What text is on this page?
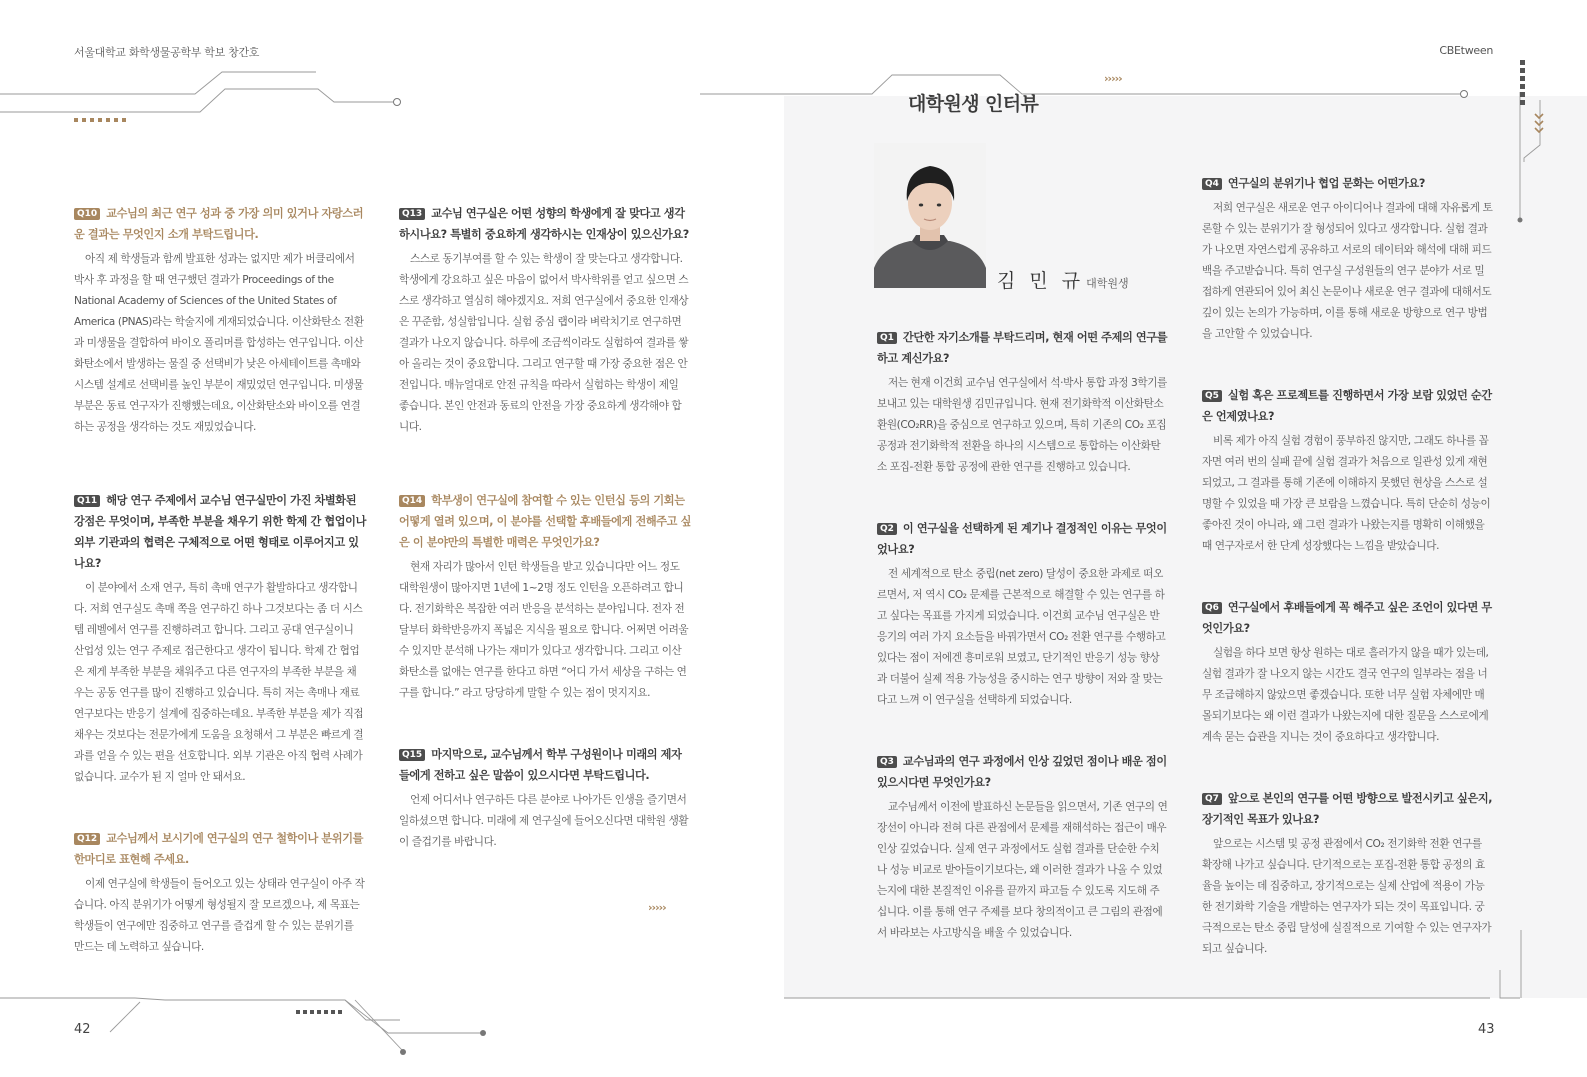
서울대학교 화학생물공학부 학보 창간호	CBEtween
›››››
›››››
대학원생 인터뷰
김 민 규 대학원생
Q10 교수님의 최근 연구 성과 중 가장 의미 있거나 자랑스러운 결과는 무엇인지 소개 부탁드립니다.
아직 제 학생들과 함께 발표한 성과는 없지만 제가 버클리에서 박사 후 과정을 할 때 연구했던 결과가 Proceedings of the National Academy of Sciences of the United States of America (PNAS)라는 학술지에 게재되었습니다. 이산화탄소 전환과 미생물을 결합하여 바이오 폴리머를 합성하는 연구입니다. 이산화탄소에서 발생하는 물질 중 선택비가 낮은 아세테이트를 촉매와 시스템 설계로 선택비를 높인 부분이 재밌었던 연구입니다. 미생물 부분은 동료 연구자가 진행했는데요, 이산화탄소와 바이오를 연결하는 공정을 생각하는 것도 재밌었습니다.
Q11 해당 연구 주제에서 교수님 연구실만이 가진 차별화된 강점은 무엇이며, 부족한 부분을 채우기 위한 학제 간 협업이나 외부 기관과의 협력은 구체적으로 어떤 형태로 이루어지고 있나요?
이 분야에서 소재 연구, 특히 촉매 연구가 활발하다고 생각합니다. 저희 연구실도 촉매 쪽을 연구하긴 하나 그것보다는 좀 더 시스템 레벨에서 연구를 진행하려고 합니다. 그리고 공대 연구실이니 산업성 있는 연구 주제로 접근한다고 생각이 됩니다. 학제 간 협업은 제게 부족한 부분을 채워주고 다른 연구자의 부족한 부분을 채우는 공동 연구를 많이 진행하고 있습니다. 특히 저는 촉매나 재료 연구보다는 반응기 설계에 집중하는데요. 부족한 부분을 제가 직접 채우는 것보다는 전문가에게 도움을 요청해서 그 부분은 빠르게 결과를 얻을 수 있는 편을 선호합니다. 외부 기관은 아직 협력 사례가 없습니다. 교수가 된 지 얼마 안 돼서요.
Q12 교수님께서 보시기에 연구실의 연구 철학이나 분위기를 한마디로 표현해 주세요.
이제 연구실에 학생들이 들어오고 있는 상태라 연구실이 아주 작습니다. 아직 분위기가 어떻게 형성될지 잘 모르겠으나, 제 목표는 학생들이 연구에만 집중하고 연구를 즐겁게 할 수 있는 분위기를 만드는 데 노력하고 싶습니다.
Q13 교수님 연구실은 어떤 성향의 학생에게 잘 맞다고 생각하시나요? 특별히 중요하게 생각하시는 인재상이 있으신가요?
스스로 동기부여를 할 수 있는 학생이 잘 맞는다고 생각합니다. 학생에게 강요하고 싶은 마음이 없어서 박사학위를 얻고 싶으면 스스로 생각하고 열심히 해야겠지요. 저희 연구실에서 중요한 인재상은 꾸준함, 성실함입니다. 실험 중심 랩이라 벼락치기로 연구하면 결과가 나오지 않습니다. 하루에 조금씩이라도 실험하여 결과를 쌓아 올리는 것이 중요합니다. 그리고 연구할 때 가장 중요한 점은 안전입니다. 매뉴얼대로 안전 규칙을 따라서 실험하는 학생이 제일 좋습니다. 본인 안전과 동료의 안전을 가장 중요하게 생각해야 합니다.
Q14 학부생이 연구실에 참여할 수 있는 인턴십 등의 기회는 어떻게 열려 있으며, 이 분야를 선택할 후배들에게 전해주고 싶은 이 분야만의 특별한 매력은 무엇인가요?
현재 자리가 많아서 인턴 학생들을 받고 있습니다만 어느 정도 대학원생이 많아지면 1년에 1~2명 정도 인턴을 오픈하려고 합니다. 전기화학은 복잡한 여러 반응을 분석하는 분야입니다. 전자 전달부터 화학반응까지 폭넓은 지식을 필요로 합니다. 어쩌면 어려울 수 있지만 분석해 나가는 재미가 있다고 생각합니다. 그리고 이산화탄소를 없애는 연구를 한다고 하면 “어디 가서 세상을 구하는 연구를 합니다.” 라고 당당하게 말할 수 있는 점이 멋지지요.
Q15 마지막으로, 교수님께서 학부 구성원이나 미래의 제자들에게 전하고 싶은 말씀이 있으시다면 부탁드립니다.
언제 어디서나 연구하든 다른 분야로 나아가든 인생을 즐기면서 일하셨으면 합니다. 미래에 제 연구실에 들어오신다면 대학원 생활이 즐겁기를 바랍니다.
Q1 간단한 자기소개를 부탁드리며, 현재 어떤 주제의 연구를 하고 계신가요?
저는 현재 이건희 교수님 연구실에서 석·박사 통합 과정 3학기를 보내고 있는 대학원생 김민규입니다. 현재 전기화학적 이산화탄소 환원(CO₂RR)을 중심으로 연구하고 있으며, 특히 기존의 CO₂ 포집 공정과 전기화학적 전환을 하나의 시스템으로 통합하는 이산화탄소 포집-전환 통합 공정에 관한 연구를 진행하고 있습니다.
Q2 이 연구실을 선택하게 된 계기나 결정적인 이유는 무엇이었나요?
전 세계적으로 탄소 중립(net zero) 달성이 중요한 과제로 떠오르면서, 저 역시 CO₂ 문제를 근본적으로 해결할 수 있는 연구를 하고 싶다는 목표를 가지게 되었습니다. 이건희 교수님 연구실은 반응기의 여러 가지 요소들을 바꿔가면서 CO₂ 전환 연구를 수행하고 있다는 점이 저에겐 흥미로워 보였고, 단기적인 반응기 성능 향상과 더불어 실제 적용 가능성을 중시하는 연구 방향이 저와 잘 맞는다고 느껴 이 연구실을 선택하게 되었습니다.
Q3 교수님과의 연구 과정에서 인상 깊었던 점이나 배운 점이 있으시다면 무엇인가요?
교수님께서 이전에 발표하신 논문들을 읽으면서, 기존 연구의 연장선이 아니라 전혀 다른 관점에서 문제를 재해석하는 접근이 매우 인상 깊었습니다. 실제 연구 과정에서도 실험 결과를 단순한 수치나 성능 비교로 받아들이기보다는, 왜 이러한 결과가 나올 수 있었는지에 대한 본질적인 이유를 끝까지 파고들 수 있도록 지도해 주십니다. 이를 통해 연구 주제를 보다 창의적이고 큰 그림의 관점에서 바라보는 사고방식을 배울 수 있었습니다.
Q4 연구실의 분위기나 협업 문화는 어떤가요?
저희 연구실은 새로운 연구 아이디어나 결과에 대해 자유롭게 토론할 수 있는 분위기가 잘 형성되어 있다고 생각합니다. 실험 결과가 나오면 자연스럽게 공유하고 서로의 데이터와 해석에 대해 피드백을 주고받습니다. 특히 연구실 구성원들의 연구 분야가 서로 밀접하게 연관되어 있어 최신 논문이나 새로운 연구 결과에 대해서도 깊이 있는 논의가 가능하며, 이를 통해 새로운 방향으로 연구 방법을 고안할 수 있었습니다.
Q5 실험 혹은 프로젝트를 진행하면서 가장 보람 있었던 순간은 언제였나요?
비록 제가 아직 실험 경험이 풍부하진 않지만, 그래도 하나를 꼽자면 여러 번의 실패 끝에 실험 결과가 처음으로 일관성 있게 재현되었고, 그 결과를 통해 기존에 이해하지 못했던 현상을 스스로 설명할 수 있었을 때 가장 큰 보람을 느꼈습니다. 특히 단순히 성능이 좋아진 것이 아니라, 왜 그런 결과가 나왔는지를 명확히 이해했을 때 연구자로서 한 단계 성장했다는 느낌을 받았습니다.
Q6 연구실에서 후배들에게 꼭 해주고 싶은 조언이 있다면 무엇인가요?
실험을 하다 보면 항상 원하는 대로 흘러가지 않을 때가 있는데, 실험 결과가 잘 나오지 않는 시간도 결국 연구의 일부라는 점을 너무 조급해하지 않았으면 좋겠습니다. 또한 너무 실험 자체에만 매몰되기보다는 왜 이런 결과가 나왔는지에 대한 질문을 스스로에게 계속 묻는 습관을 지니는 것이 중요하다고 생각합니다.
Q7 앞으로 본인의 연구를 어떤 방향으로 발전시키고 싶은지, 장기적인 목표가 있나요?
앞으로는 시스템 및 공정 관점에서 CO₂ 전기화학 전환 연구를 확장해 나가고 싶습니다. 단기적으로는 포집-전환 통합 공정의 효율을 높이는 데 집중하고, 장기적으로는 실제 산업에 적용이 가능한 전기화학 기술을 개발하는 연구자가 되는 것이 목표입니다. 궁극적으로는 탄소 중립 달성에 실질적으로 기여할 수 있는 연구자가 되고 싶습니다.
42	43
